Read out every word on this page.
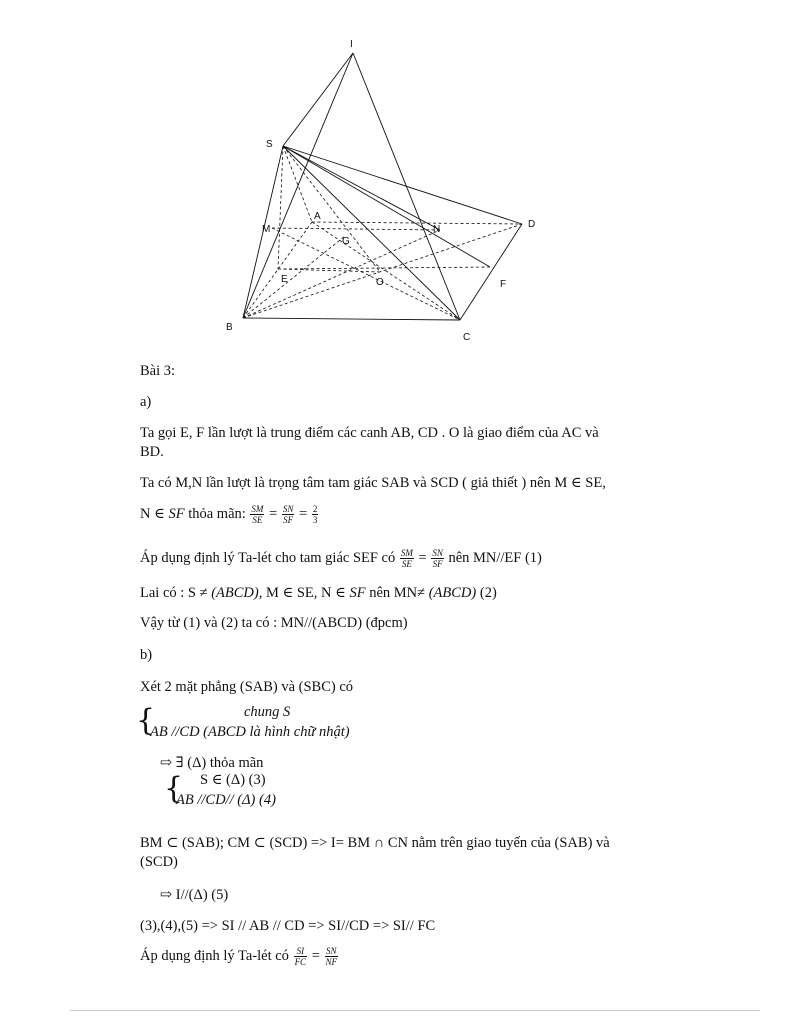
I
S
A
M	N
G
D
E	O	F
B
C
Bài 3:
a)
Ta gọi E, F lần lượt là trung điểm các canh AB, CD . O là giao điểm của AC và
BD.
Ta có M,N lần lượt là trọng tâm tam giác SAB và SCD ( giả thiết ) nên M ∈ SE,
N ∈ SF thỏa mãn: $\frac{SM}{SE} = \frac{SN}{SF} = \frac{2}{3}$
Áp dụng định lý Ta-lét cho tam giác SEF có $\frac{SM}{SE} = \frac{SN}{SF}$ nên MN//EF (1)
Lai có : S ≠ (ABCD), M ∈ SE, N ∈ SF nên MN≠ (ABCD) (2)
Vậy từ (1) và (2) ta có : MN//(ABCD) (đpcm)
b)
Xét 2 mặt phẳng (SAB) và (SBC) có
{	chung S
AB //CD (ABCD là hình chữ nhật)
⇨ ∃ (Δ) thỏa mãn
{ S ∈ (Δ) (3)
AB //CD// (Δ) (4)
BM ⊂ (SAB); CM ⊂ (SCD) => I= BM ∩ CN nằm trên giao tuyến của (SAB) và
(SCD)
⇨ I//(Δ) (5)
(3),(4),(5) => SI // AB // CD => SI//CD => SI// FC
Áp dụng định lý Ta-lét có $\frac{SI}{FC} = \frac{SN}{NF}$
